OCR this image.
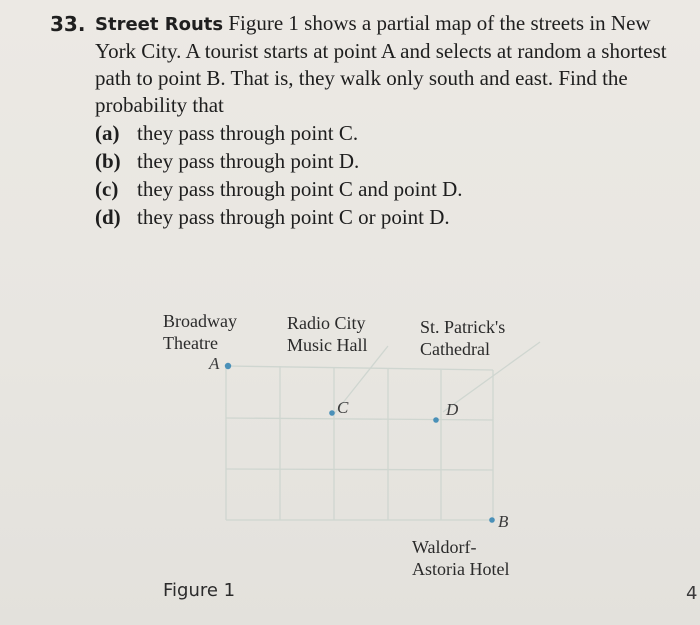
33. Street Routs Figure 1 shows a partial map of the streets in New York City. A tourist starts at point A and selects at random a shortest path to point B. That is, they walk only south and east. Find the probability that
(a) they pass through point C.
(b) they pass through point D.
(c) they pass through point C and point D.
(d) they pass through point C or point D.
Broadway
Theatre
Radio City
Music Hall
St. Patrick's
Cathedral
Waldorf-
Astoria Hotel
A
C	D
B
Figure 1	4
